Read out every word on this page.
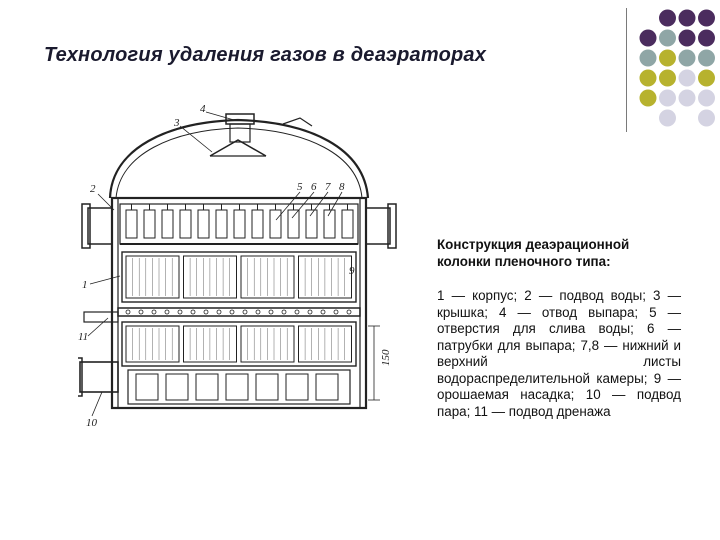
Технология удаления газов в деаэраторах
1
2
3
4
5 6 7 8
9
10
11
150

Конструкция деаэрационной колонки пленочного типа:

1 — корпус; 2 — подвод воды; 3 — крышка; 4 — отвод выпара; 5 — отверстия для слива воды; 6 — патрубки для выпара; 7,8 — нижний и верхний листы водораспределительной камеры; 9 — орошаемая насадка; 10 — подвод пара; 11 — подвод дренажа
